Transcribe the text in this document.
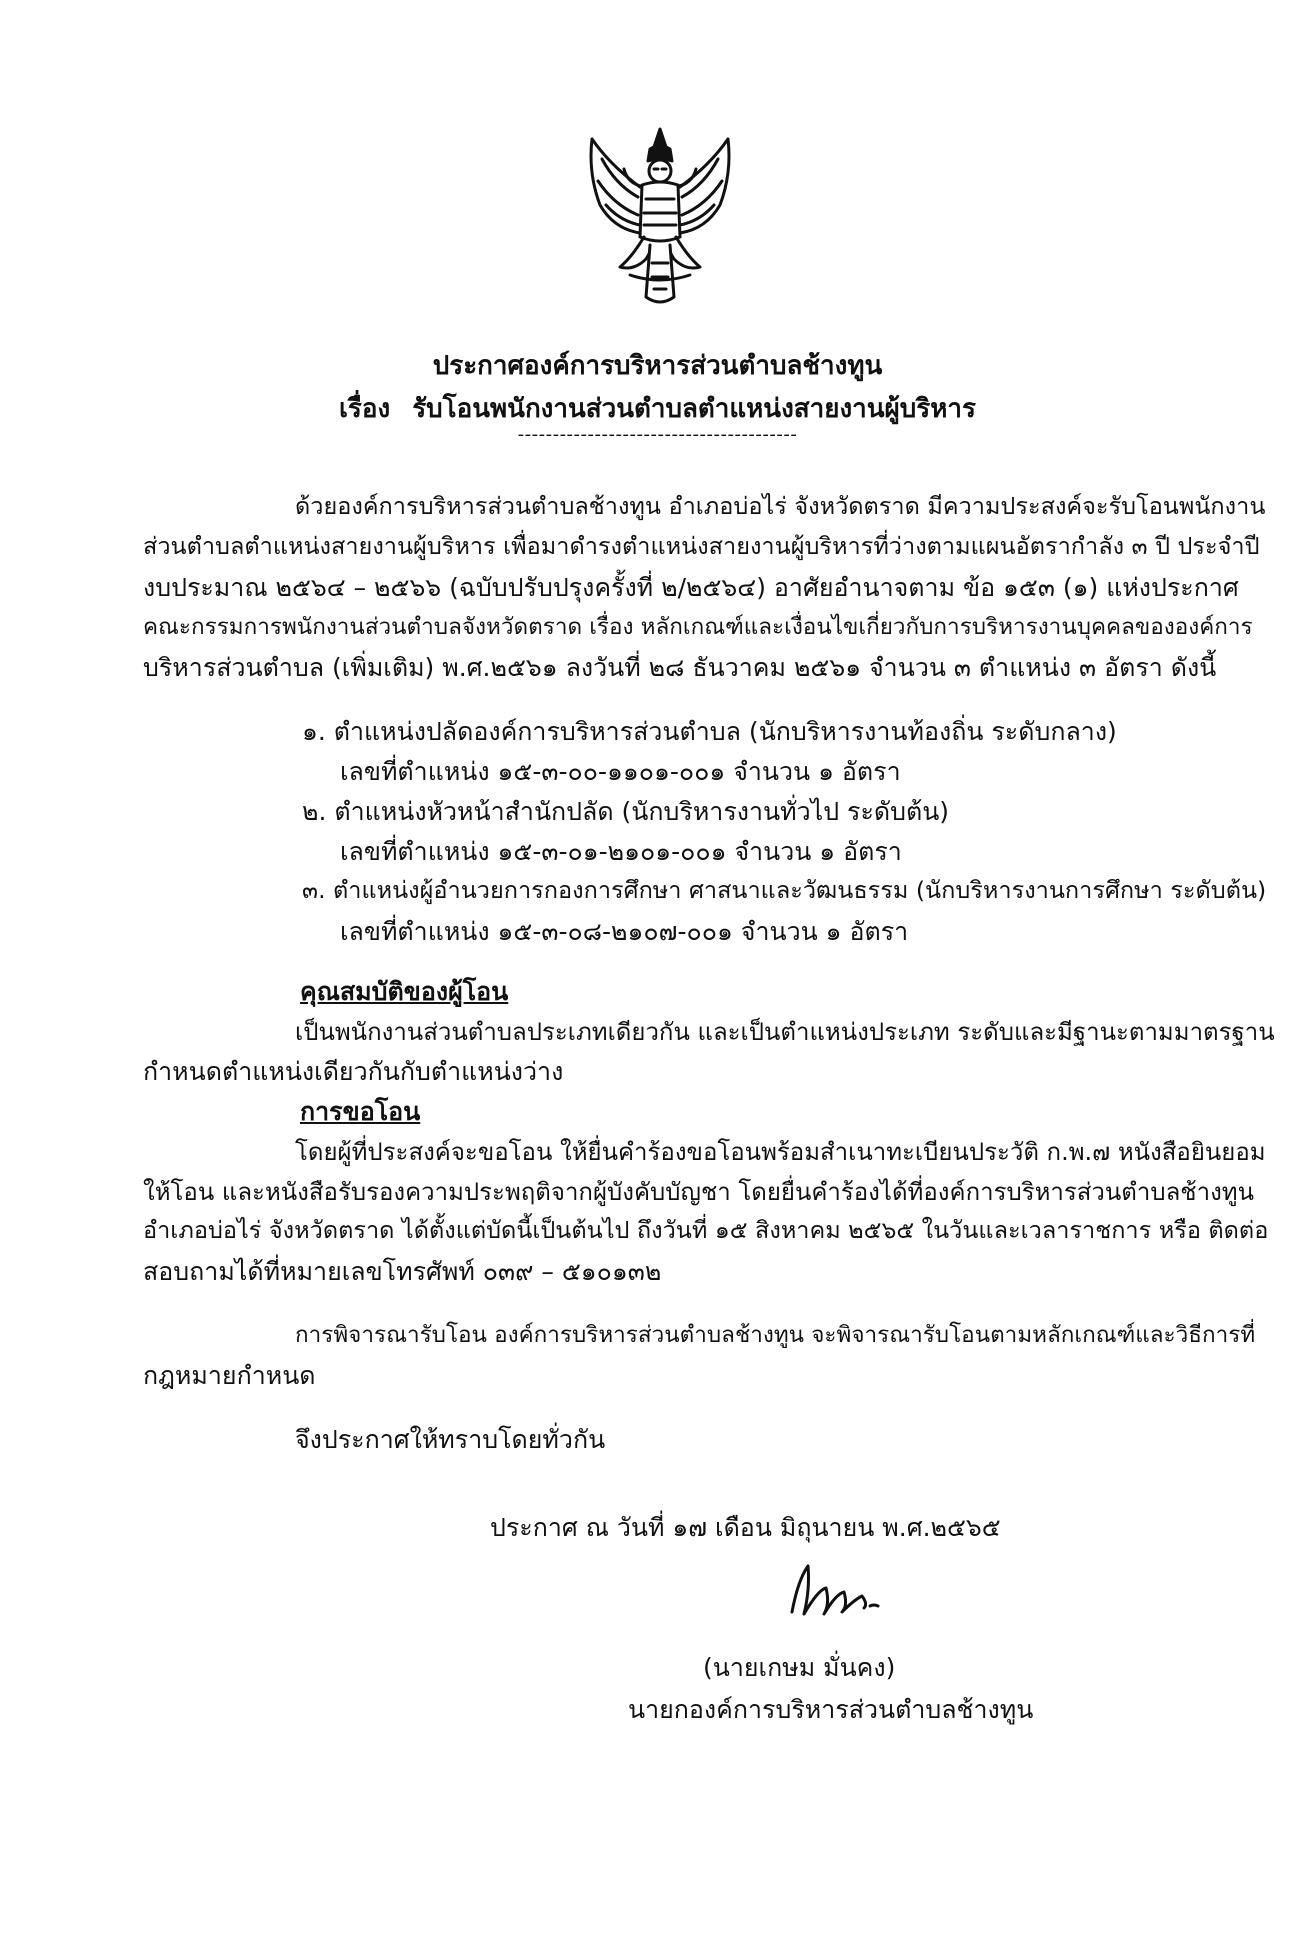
ประกาศองค์การบริหารส่วนตำบลช้างทูน
เรื่อง รับโอนพนักงานส่วนตำบลตำแหน่งสายงานผู้บริหาร
----------------------------------------
ด้วยองค์การบริหารส่วนตำบลช้างทูน อำเภอบ่อไร่ จังหวัดตราด มีความประสงค์จะรับโอนพนักงาน
ส่วนตำบลตำแหน่งสายงานผู้บริหาร เพื่อมาดำรงตำแหน่งสายงานผู้บริหารที่ว่างตามแผนอัตรากำลัง ๓ ปี ประจำปี
งบประมาณ ๒๕๖๔ – ๒๕๖๖ (ฉบับปรับปรุงครั้งที่ ๒/๒๕๖๔) อาศัยอำนาจตาม ข้อ ๑๕๓ (๑) แห่งประกาศ
คณะกรรมการพนักงานส่วนตำบลจังหวัดตราด เรื่อง หลักเกณฑ์และเงื่อนไขเกี่ยวกับการบริหารงานบุคคลขององค์การ
บริหารส่วนตำบล (เพิ่มเติม) พ.ศ.๒๕๖๑ ลงวันที่ ๒๘ ธันวาคม ๒๕๖๑ จำนวน ๓ ตำแหน่ง ๓ อัตรา ดังนี้
๑. ตำแหน่งปลัดองค์การบริหารส่วนตำบล (นักบริหารงานท้องถิ่น ระดับกลาง)
เลขที่ตำแหน่ง ๑๕-๓-๐๐-๑๑๐๑-๐๐๑ จำนวน ๑ อัตรา
๒. ตำแหน่งหัวหน้าสำนักปลัด (นักบริหารงานทั่วไป ระดับต้น)
เลขที่ตำแหน่ง ๑๕-๓-๐๑-๒๑๐๑-๐๐๑ จำนวน ๑ อัตรา
๓. ตำแหน่งผู้อำนวยการกองการศึกษา ศาสนาและวัฒนธรรม (นักบริหารงานการศึกษา ระดับต้น)
เลขที่ตำแหน่ง ๑๕-๓-๐๘-๒๑๐๗-๐๐๑ จำนวน ๑ อัตรา
คุณสมบัติของผู้โอน
เป็นพนักงานส่วนตำบลประเภทเดียวกัน และเป็นตำแหน่งประเภท ระดับและมีฐานะตามมาตรฐาน
กำหนดตำแหน่งเดียวกันกับตำแหน่งว่าง
การขอโอน
โดยผู้ที่ประสงค์จะขอโอน ให้ยื่นคำร้องขอโอนพร้อมสำเนาทะเบียนประวัติ ก.พ.๗ หนังสือยินยอม
ให้โอน และหนังสือรับรองความประพฤติจากผู้บังคับบัญชา โดยยื่นคำร้องได้ที่องค์การบริหารส่วนตำบลช้างทูน
อำเภอบ่อไร่ จังหวัดตราด ได้ตั้งแต่บัดนี้เป็นต้นไป ถึงวันที่ ๑๕ สิงหาคม ๒๕๖๕ ในวันและเวลาราชการ หรือ ติดต่อ
สอบถามได้ที่หมายเลขโทรศัพท์ ๐๓๙ – ๕๑๐๑๓๒
การพิจารณารับโอน องค์การบริหารส่วนตำบลช้างทูน จะพิจารณารับโอนตามหลักเกณฑ์และวิธีการที่
กฎหมายกำหนด
จึงประกาศให้ทราบโดยทั่วกัน
ประกาศ ณ วันที่ ๑๗ เดือน มิถุนายน พ.ศ.๒๕๖๕
(นายเกษม มั่นคง)
นายกองค์การบริหารส่วนตำบลช้างทูน
